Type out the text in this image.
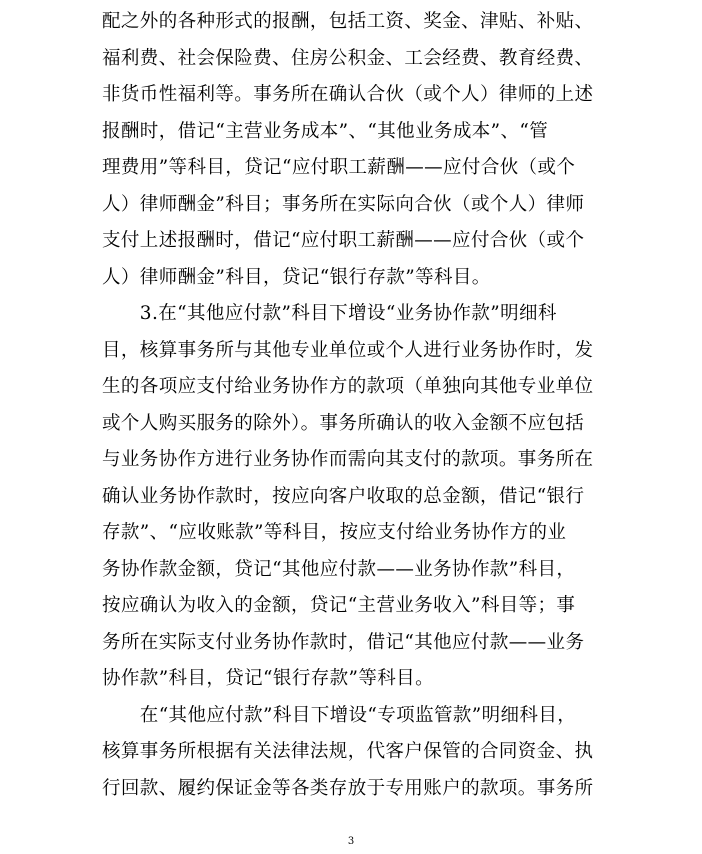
配之外的各种形式的报酬，包括工资、奖金、津贴、补贴、
福利费、社会保险费、住房公积金、工会经费、教育经费、
非货币性福利等。事务所在确认合伙（或个人）律师的上述
报酬时，借记“主营业务成本”、“其他业务成本”、“管
理费用”等科目，贷记“应付职工薪酬——应付合伙（或个
人）律师酬金”科目；事务所在实际向合伙（或个人）律师
支付上述报酬时，借记“应付职工薪酬——应付合伙（或个
人）律师酬金”科目，贷记“银行存款”等科目。
　　3.在“其他应付款”科目下增设“业务协作款”明细科
目，核算事务所与其他专业单位或个人进行业务协作时，发
生的各项应支付给业务协作方的款项（单独向其他专业单位
或个人购买服务的除外）。事务所确认的收入金额不应包括
与业务协作方进行业务协作而需向其支付的款项。事务所在
确认业务协作款时，按应向客户收取的总金额，借记“银行
存款”、“应收账款”等科目，按应支付给业务协作方的业
务协作款金额，贷记“其他应付款——业务协作款”科目，
按应确认为收入的金额，贷记“主营业务收入”科目等；事
务所在实际支付业务协作款时，借记“其他应付款——业务
协作款”科目，贷记“银行存款”等科目。
　　在“其他应付款”科目下增设“专项监管款”明细科目，
核算事务所根据有关法律法规，代客户保管的合同资金、执
行回款、履约保证金等各类存放于专用账户的款项。事务所
3
